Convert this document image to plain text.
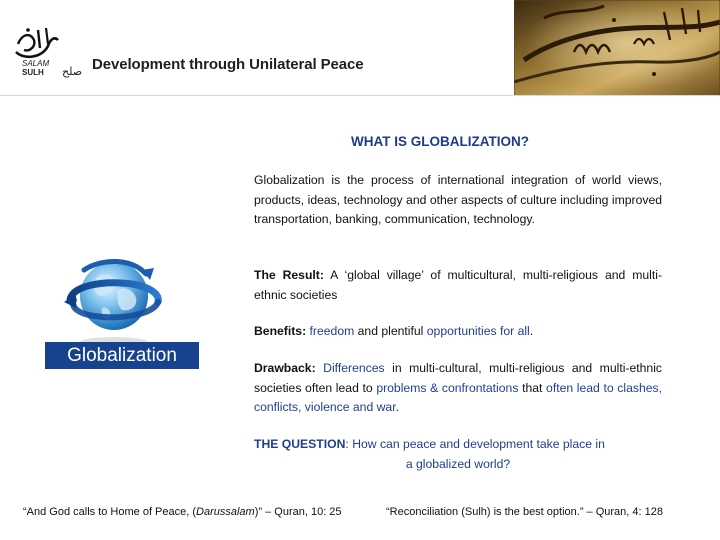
SALAM
SULH صلح Development through Unilateral Peace
WHAT IS GLOBALIZATION?
Globalization is the process of international integration of world views, products, ideas, technology and other aspects of culture including improved transportation, banking, communication, technology.
The Result: A ‘global village’ of multicultural, multi-religious and multi-ethnic societies
Benefits: freedom and plentiful opportunities for all.
Drawback: Differences in multi-cultural, multi-religious and multi-ethnic societies often lead to problems & confrontations that often lead to clashes, conflicts, violence and war.
THE QUESTION: How can peace and development take place in
a globalized world?
Globalization
“And God calls to Home of Peace, (Darussalam)” – Quran, 10: 25	“Reconciliation (Sulh) is the best option.” – Quran, 4: 128
